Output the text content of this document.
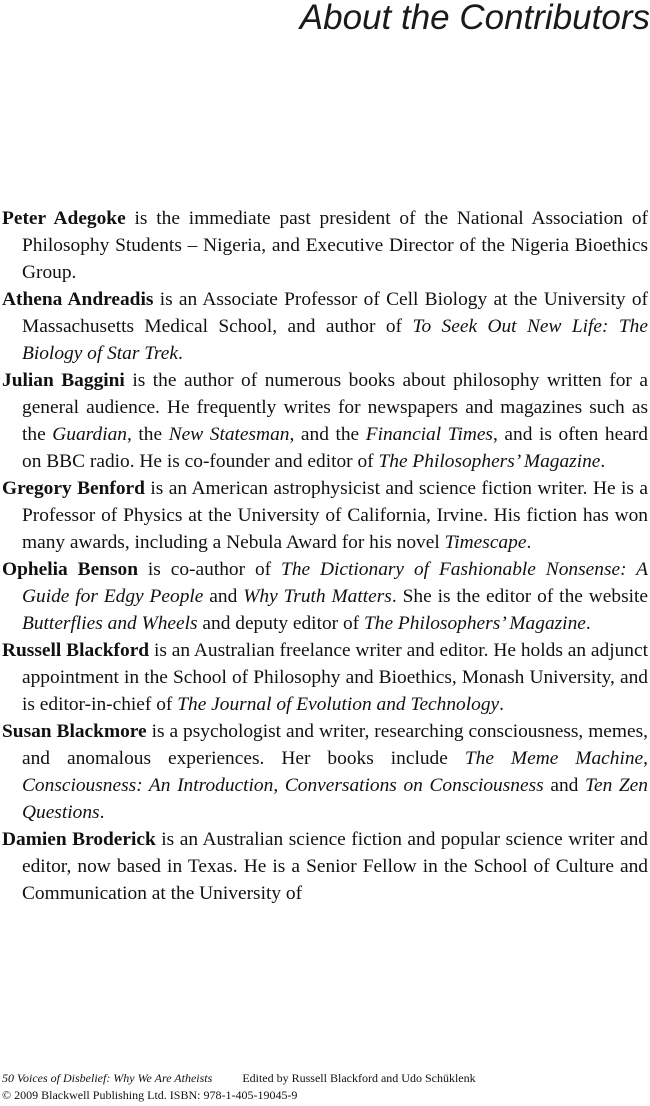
About the Contributors

Peter Adegoke is the immediate past president of the National Association of Philosophy Students – Nigeria, and Executive Director of the Nigeria Bioethics Group.

Athena Andreadis is an Associate Professor of Cell Biology at the University of Massachusetts Medical School, and author of To Seek Out New Life: The Biology of Star Trek.

Julian Baggini is the author of numerous books about philosophy written for a general audience. He frequently writes for newspapers and magazines such as the Guardian, the New Statesman, and the Financial Times, and is often heard on BBC radio. He is co-founder and editor of The Philosophers’ Magazine.

Gregory Benford is an American astrophysicist and science fiction writer. He is a Professor of Physics at the University of California, Irvine. His fiction has won many awards, including a Nebula Award for his novel Timescape.

Ophelia Benson is co-author of The Dictionary of Fashionable Nonsense: A Guide for Edgy People and Why Truth Matters. She is the editor of the website Butterflies and Wheels and deputy editor of The Philosophers’ Magazine.

Russell Blackford is an Australian freelance writer and editor. He holds an adjunct appointment in the School of Philosophy and Bioethics, Monash University, and is editor-in-chief of The Journal of Evolution and Technology.

Susan Blackmore is a psychologist and writer, researching consciousness, memes, and anomalous experiences. Her books include The Meme Machine, Consciousness: An Introduction, Conversations on Consciousness and Ten Zen Questions.

Damien Broderick is an Australian science fiction and popular science writer and editor, now based in Texas. He is a Senior Fellow in the School of Culture and Communication at the University of

50 Voices of Disbelief: Why We Are Atheists	Edited by Russell Blackford and Udo Schüklenk
© 2009 Blackwell Publishing Ltd. ISBN: 978-1-405-19045-9
